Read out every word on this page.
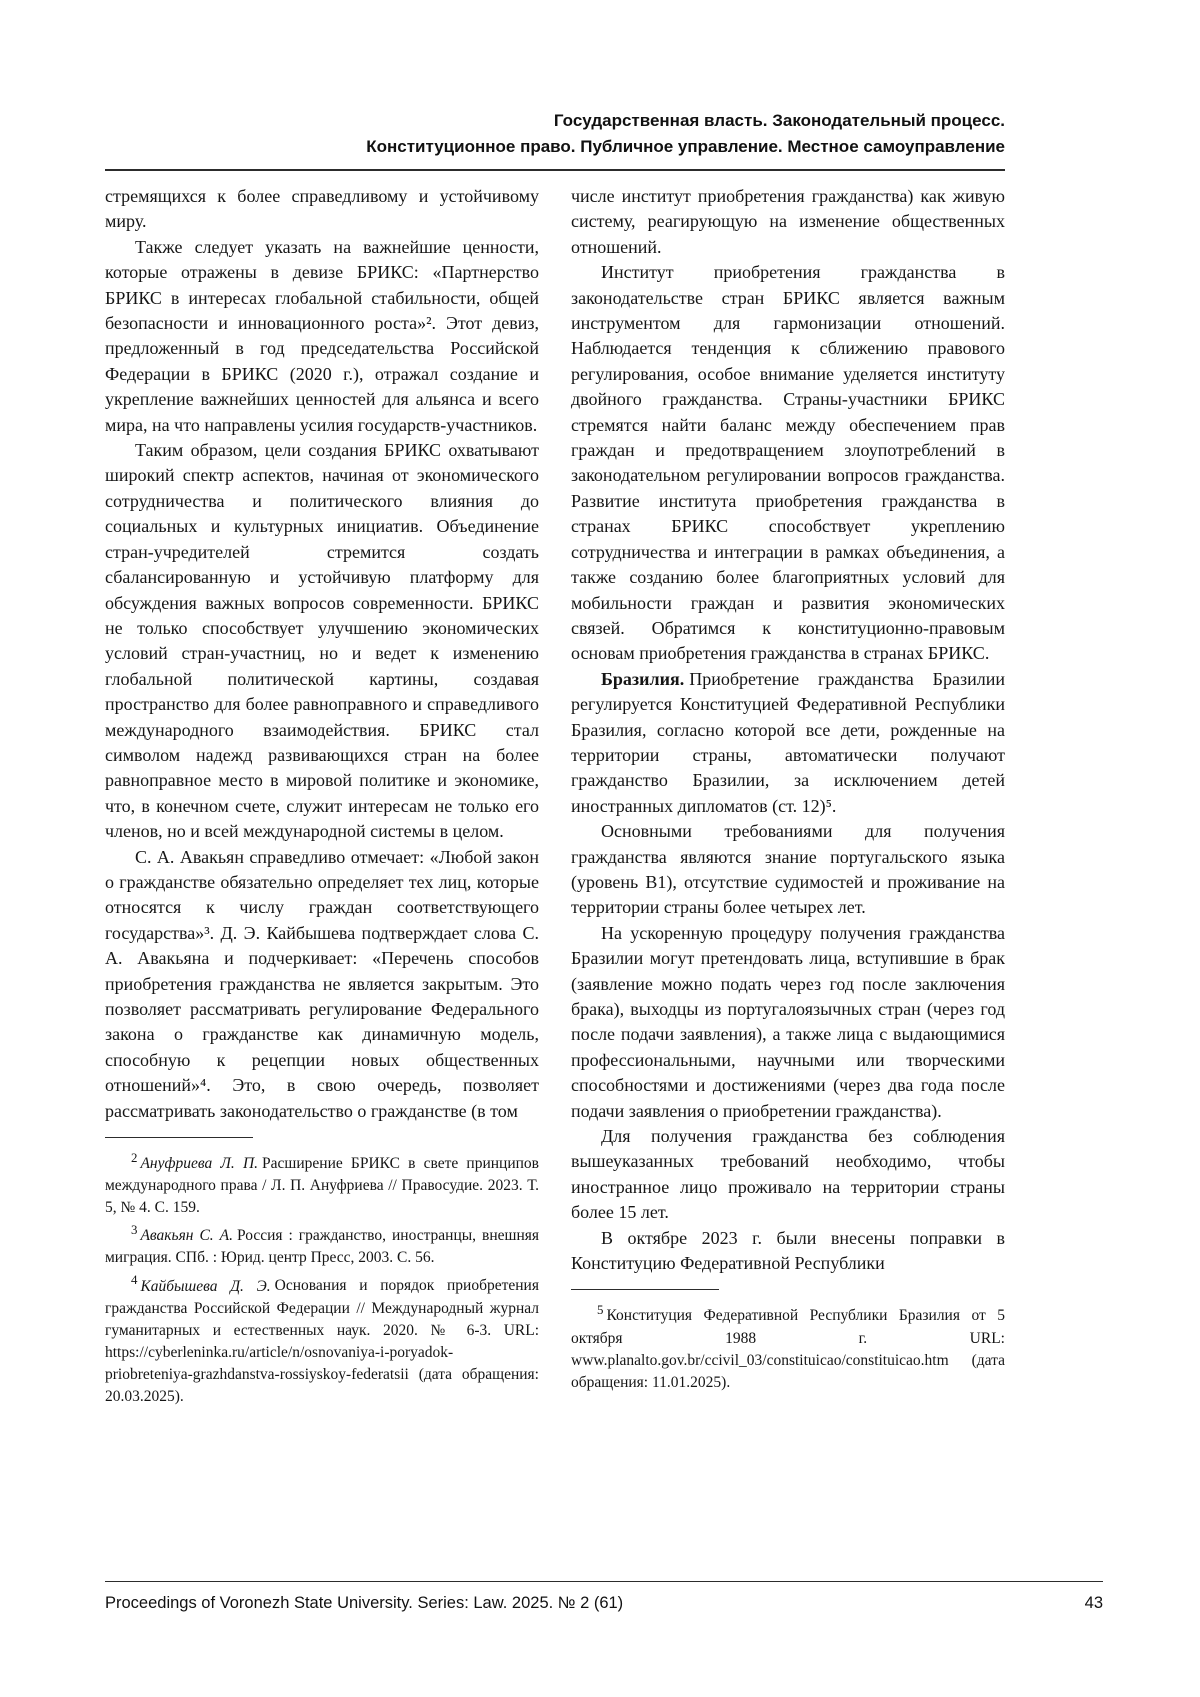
Государственная власть. Законодательный процесс.
Конституционное право. Публичное управление. Местное самоуправление

стремящихся к более справедливому и устойчивому миру.

Также следует указать на важнейшие ценности, которые отражены в девизе БРИКС: «Партнерство БРИКС в интересах глобальной стабильности, общей безопасности и инновационного роста»². Этот девиз, предложенный в год председательства Российской Федерации в БРИКС (2020 г.), отражал создание и укрепление важнейших ценностей для альянса и всего мира, на что направлены усилия государств-участников.

Таким образом, цели создания БРИКС охватывают широкий спектр аспектов, начиная от экономического сотрудничества и политического влияния до социальных и культурных инициатив. Объединение стран-учредителей стремится создать сбалансированную и устойчивую платформу для обсуждения важных вопросов современности. БРИКС не только способствует улучшению экономических условий стран-участниц, но и ведет к изменению глобальной политической картины, создавая пространство для более равноправного и справедливого международного взаимодействия. БРИКС стал символом надежд развивающихся стран на более равноправное место в мировой политике и экономике, что, в конечном счете, служит интересам не только его членов, но и всей международной системы в целом.

С. А. Авакьян справедливо отмечает: «Любой закон о гражданстве обязательно определяет тех лиц, которые относятся к числу граждан соответствующего государства»³. Д. Э. Кайбышева подтверждает слова С. А. Авакьяна и подчеркивает: «Перечень способов приобретения гражданства не является закрытым. Это позволяет рассматривать регулирование Федерального закона о гражданстве как динамичную модель, способную к рецепции новых общественных отношений»⁴. Это, в свою очередь, позволяет рассматривать законодательство о гражданстве (в том

$^2$ Ануфриева Л. П. Расширение БРИКС в свете принципов международного права / Л. П. Ануфриева // Правосудие. 2023. Т. 5, № 4. С. 159.

$^3$ Авакьян С. А. Россия : гражданство, иностранцы, внешняя миграция. СПб. : Юрид. центр Пресс, 2003. С. 56.

$^4$ Кайбышева Д. Э. Основания и порядок приобретения гражданства Российской Федерации // Международный журнал гуманитарных и естественных наук. 2020. № 6-3. URL: https://cyberleninka.ru/article/n/osnovaniya-i-poryadok-priobreteniya-grazhdanstva-rossiyskoy-federatsii (дата обращения: 20.03.2025).

числе институт приобретения гражданства) как живую систему, реагирующую на изменение общественных отношений.

Институт приобретения гражданства в законодательстве стран БРИКС является важным инструментом для гармонизации отношений. Наблюдается тенденция к сближению правового регулирования, особое внимание уделяется институту двойного гражданства. Страны-участники БРИКС стремятся найти баланс между обеспечением прав граждан и предотвращением злоупотреблений в законодательном регулировании вопросов гражданства. Развитие института приобретения гражданства в странах БРИКС способствует укреплению сотрудничества и интеграции в рамках объединения, а также созданию более благоприятных условий для мобильности граждан и развития экономических связей. Обратимся к конституционно-правовым основам приобретения гражданства в странах БРИКС.

Бразилия. Приобретение гражданства Бразилии регулируется Конституцией Федеративной Республики Бразилия, согласно которой все дети, рожденные на территории страны, автоматически получают гражданство Бразилии, за исключением детей иностранных дипломатов (ст. 12)⁵.

Основными требованиями для получения гражданства являются знание португальского языка (уровень B1), отсутствие судимостей и проживание на территории страны более четырех лет.

На ускоренную процедуру получения гражданства Бразилии могут претендовать лица, вступившие в брак (заявление можно подать через год после заключения брака), выходцы из португалоязычных стран (через год после подачи заявления), а также лица с выдающимися профессиональными, научными или творческими способностями и достижениями (через два года после подачи заявления о приобретении гражданства).

Для получения гражданства без соблюдения вышеуказанных требований необходимо, чтобы иностранное лицо проживало на территории страны более 15 лет.

В октябре 2023 г. были внесены поправки в Конституцию Федеративной Республики

$^5$ Конституция Федеративной Республики Бразилия от 5 октября 1988 г. URL: www.planalto.gov.br/ccivil_03/constituicao/constituicao.htm (дата обращения: 11.01.2025).

Proceedings of Voronezh State University. Series: Law. 2025. № 2 (61)	43
